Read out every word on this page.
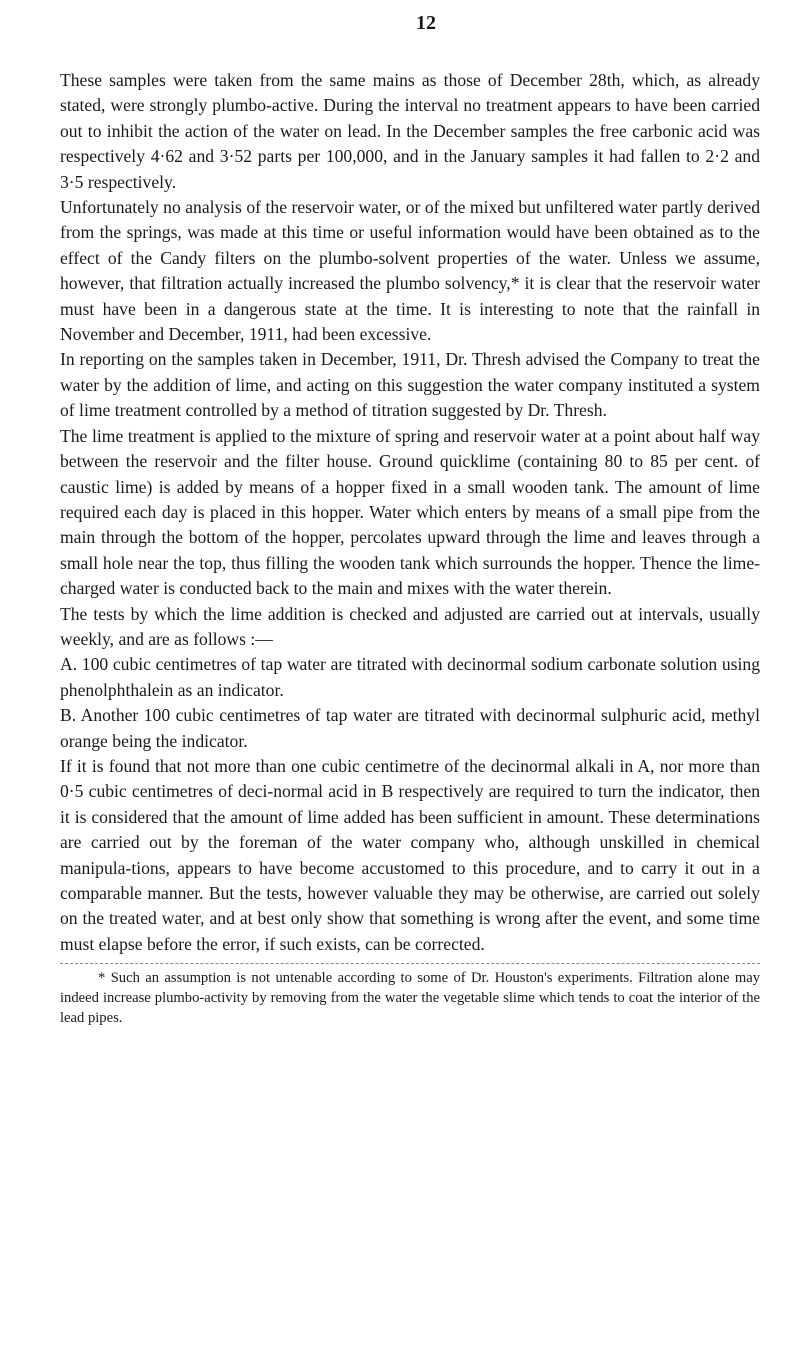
12

These samples were taken from the same mains as those of December 28th, which, as already stated, were strongly plumbo-active. During the interval no treatment appears to have been carried out to inhibit the action of the water on lead. In the December samples the free carbonic acid was respectively 4·62 and 3·52 parts per 100,000, and in the January samples it had fallen to 2·2 and 3·5 respectively.

Unfortunately no analysis of the reservoir water, or of the mixed but unfiltered water partly derived from the springs, was made at this time or useful information would have been obtained as to the effect of the Candy filters on the plumbo-solvent properties of the water. Unless we assume, however, that filtration actually increased the plumbo solvency,* it is clear that the reservoir water must have been in a dangerous state at the time. It is interesting to note that the rainfall in November and December, 1911, had been excessive.

In reporting on the samples taken in December, 1911, Dr. Thresh advised the Company to treat the water by the addition of lime, and acting on this suggestion the water company instituted a system of lime treatment controlled by a method of titration suggested by Dr. Thresh.

The lime treatment is applied to the mixture of spring and reservoir water at a point about half way between the reservoir and the filter house. Ground quicklime (containing 80 to 85 per cent. of caustic lime) is added by means of a hopper fixed in a small wooden tank. The amount of lime required each day is placed in this hopper. Water which enters by means of a small pipe from the main through the bottom of the hopper, percolates upward through the lime and leaves through a small hole near the top, thus filling the wooden tank which surrounds the hopper. Thence the lime-charged water is conducted back to the main and mixes with the water therein.

The tests by which the lime addition is checked and adjusted are carried out at intervals, usually weekly, and are as follows :—

A. 100 cubic centimetres of tap water are titrated with decinormal sodium carbonate solution using phenolphthalein as an indicator.

B. Another 100 cubic centimetres of tap water are titrated with decinormal sulphuric acid, methyl orange being the indicator.

If it is found that not more than one cubic centimetre of the decinormal alkali in A, nor more than 0·5 cubic centimetres of deci-normal acid in B respectively are required to turn the indicator, then it is considered that the amount of lime added has been sufficient in amount. These determinations are carried out by the foreman of the water company who, although unskilled in chemical manipula-tions, appears to have become accustomed to this procedure, and to carry it out in a comparable manner. But the tests, however valuable they may be otherwise, are carried out solely on the treated water, and at best only show that something is wrong after the event, and some time must elapse before the error, if such exists, can be corrected.

* Such an assumption is not untenable according to some of Dr. Houston's experiments. Filtration alone may indeed increase plumbo-activity by removing from the water the vegetable slime which tends to coat the interior of the lead pipes.
